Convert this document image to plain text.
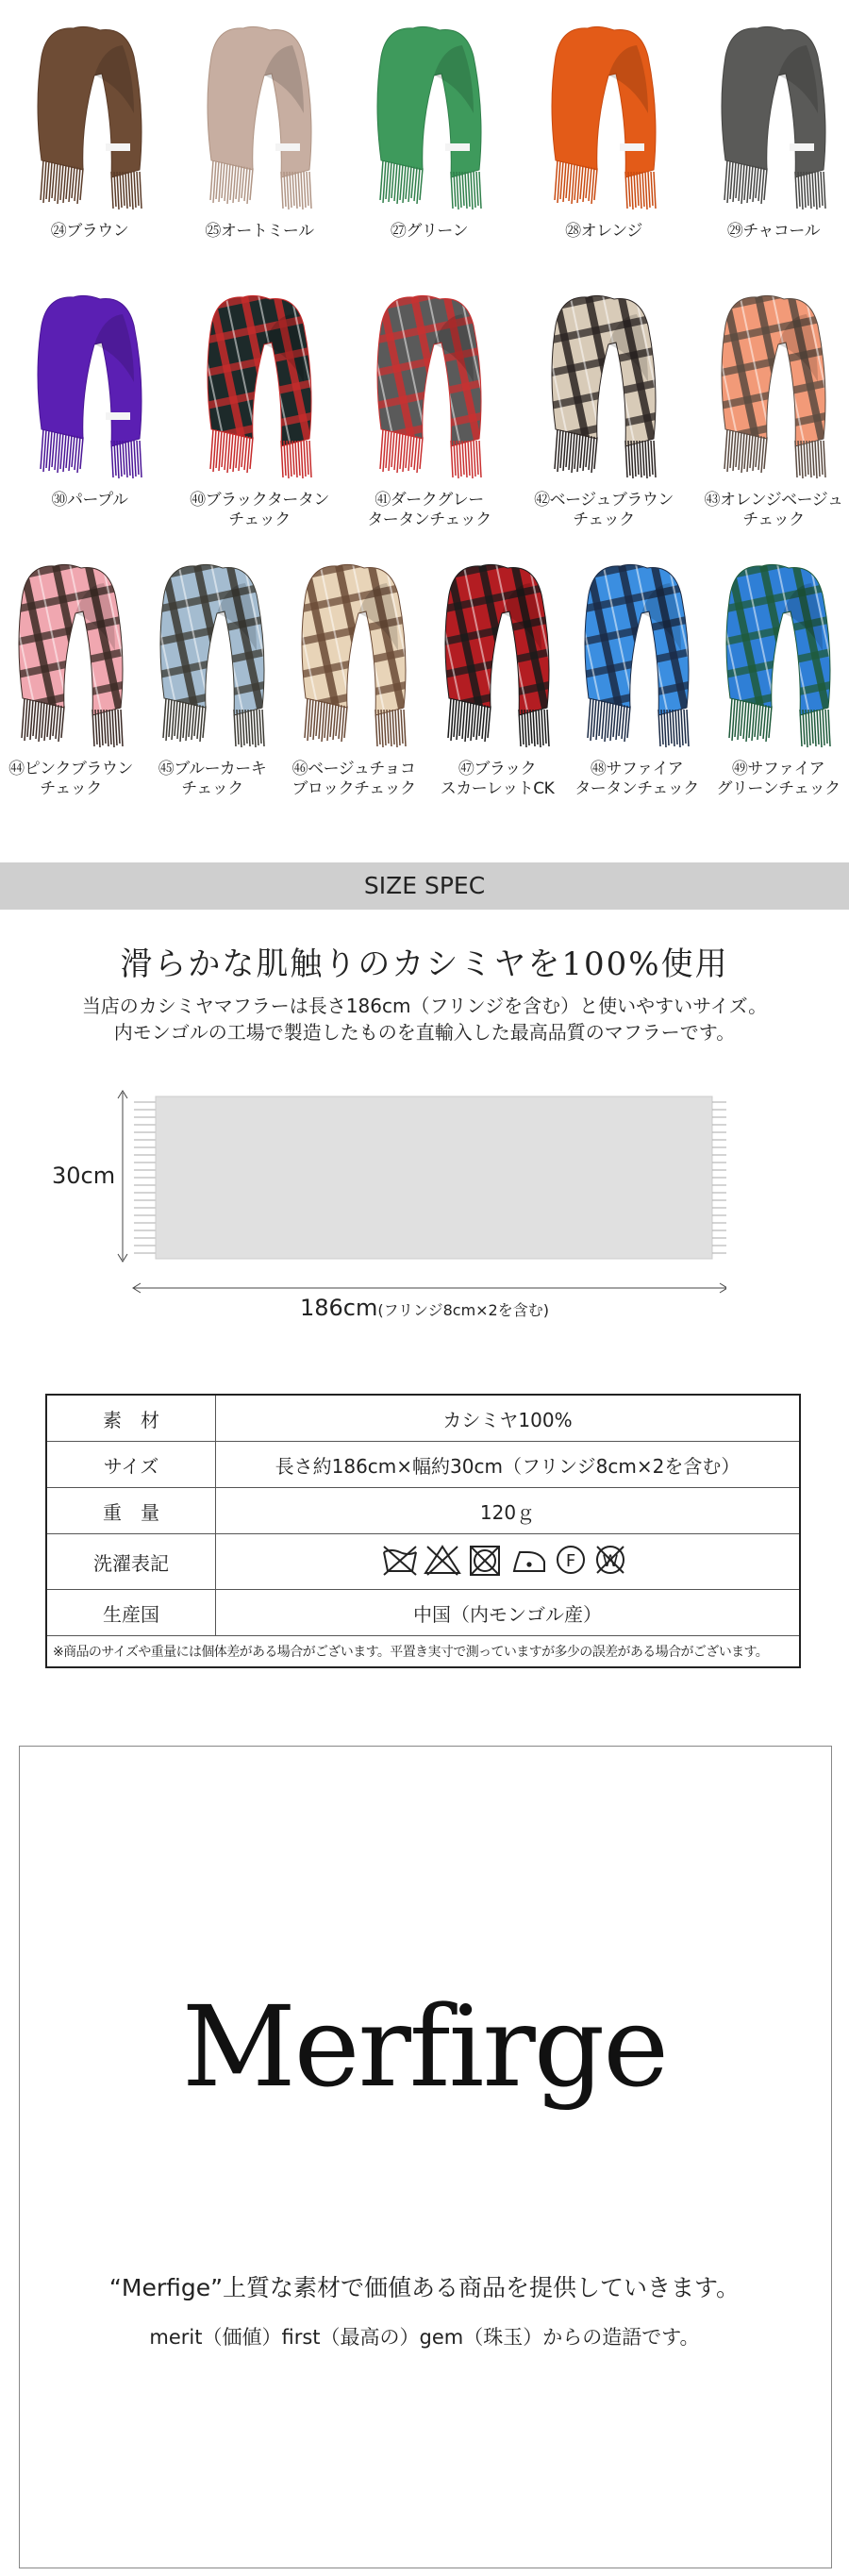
㉔ブラウン	㉕オートミール	㉗グリーン	㉘オレンジ	㉙チャコール
㉚パープル	㊵ブラックタータン
チェック
㊶ダークグレー
タータンチェック
㊷ベージュブラウン
チェック
㊸オレンジベージュ
チェック
㊹ピンクブラウン
チェック
㊺ブルーカーキ
チェック
㊻ベージュチョコ
ブロックチェック
㊼ブラック
スカーレットCK
㊽サファイア
タータンチェック
㊾サファイア
グリーンチェック
SIZE SPEC
滑らかな肌触りのカシミヤを100%使用
当店のカシミヤマフラーは長さ186cm（フリンジを含む）と使いやすいサイズ。
内モンゴルの工場で製造したものを直輸入した最高品質のマフラーです。
30cm
186cm(フリンジ8cm×2を含む)
素　材	カシミヤ100%
サイズ	長さ約186cm×幅約30cm（フリンジ8cm×2を含む）
重　量	120ｇ
洗濯表記	F W

生産国	中国（内モンゴル産）
※商品のサイズや重量には個体差がある場合がございます。平置き実寸で測っていますが多少の誤差がある場合がございます。	
Merfirge
“Merfige”上質な素材で価値ある商品を提供していきます。
merit（価値）first（最高の）gem（珠玉）からの造語です。
